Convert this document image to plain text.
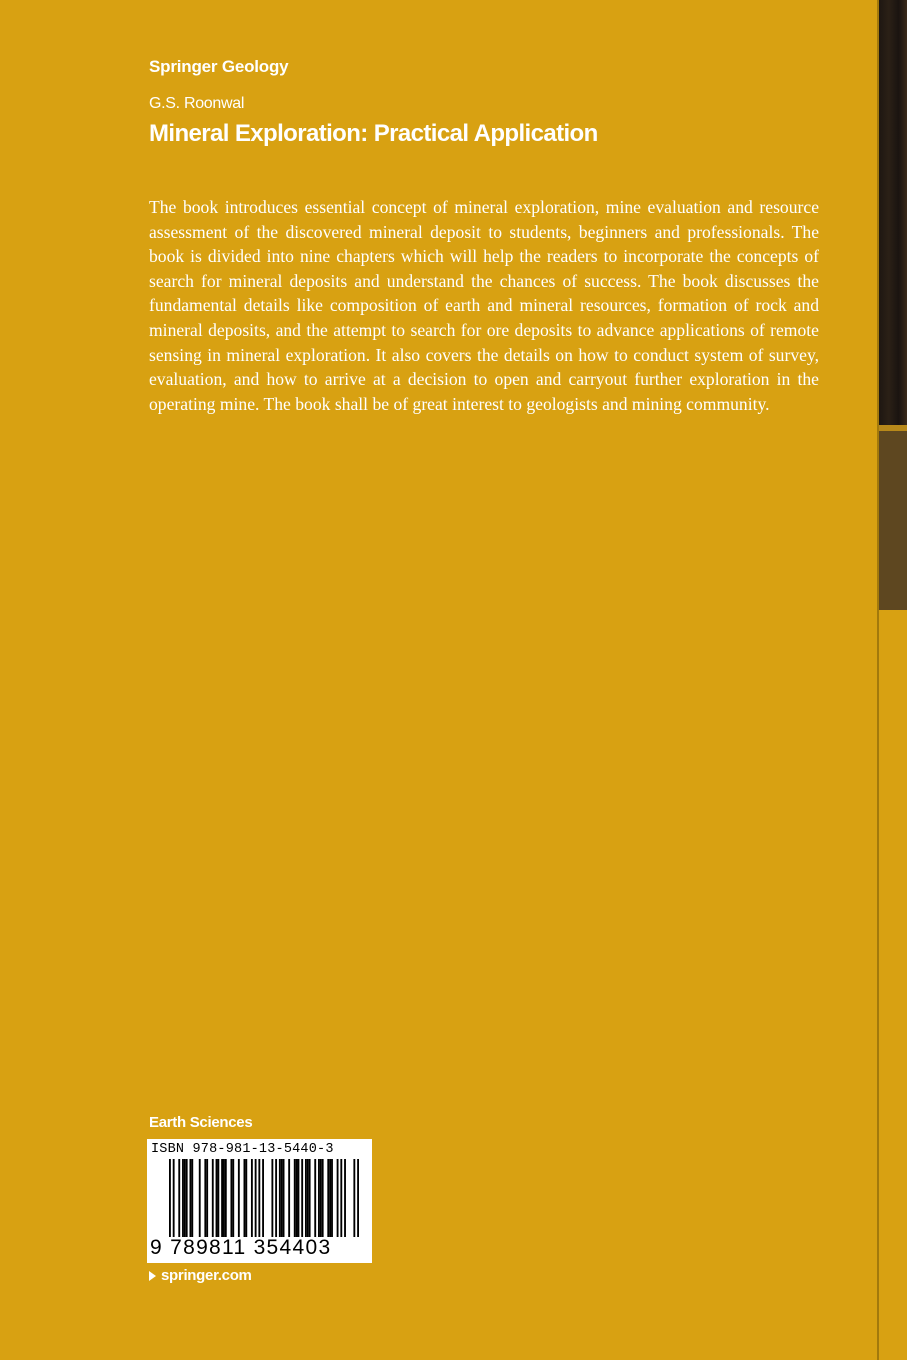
Springer Geology
G.S. Roonwal
Mineral Exploration: Practical Application
The book introduces essential concept of mineral exploration, mine evaluation and resource assessment of the discovered mineral deposit to students, beginners and professionals. The book is divided into nine chapters which will help the readers to incorporate the concepts of search for mineral deposits and understand the chances of success. The book discusses the fundamental details like composition of earth and mineral resources, formation of rock and mineral deposits, and the attempt to search for ore deposits to advance applications of remote sensing in mineral exploration. It also covers the details on how to conduct system of survey, evaluation, and how to arrive at a decision to open and carryout further exploration in the operating mine. The book shall be of great interest to geologists and mining community.
Earth Sciences
ISBN 978-981-13-5440-3
9 789811 354403
springer.com
